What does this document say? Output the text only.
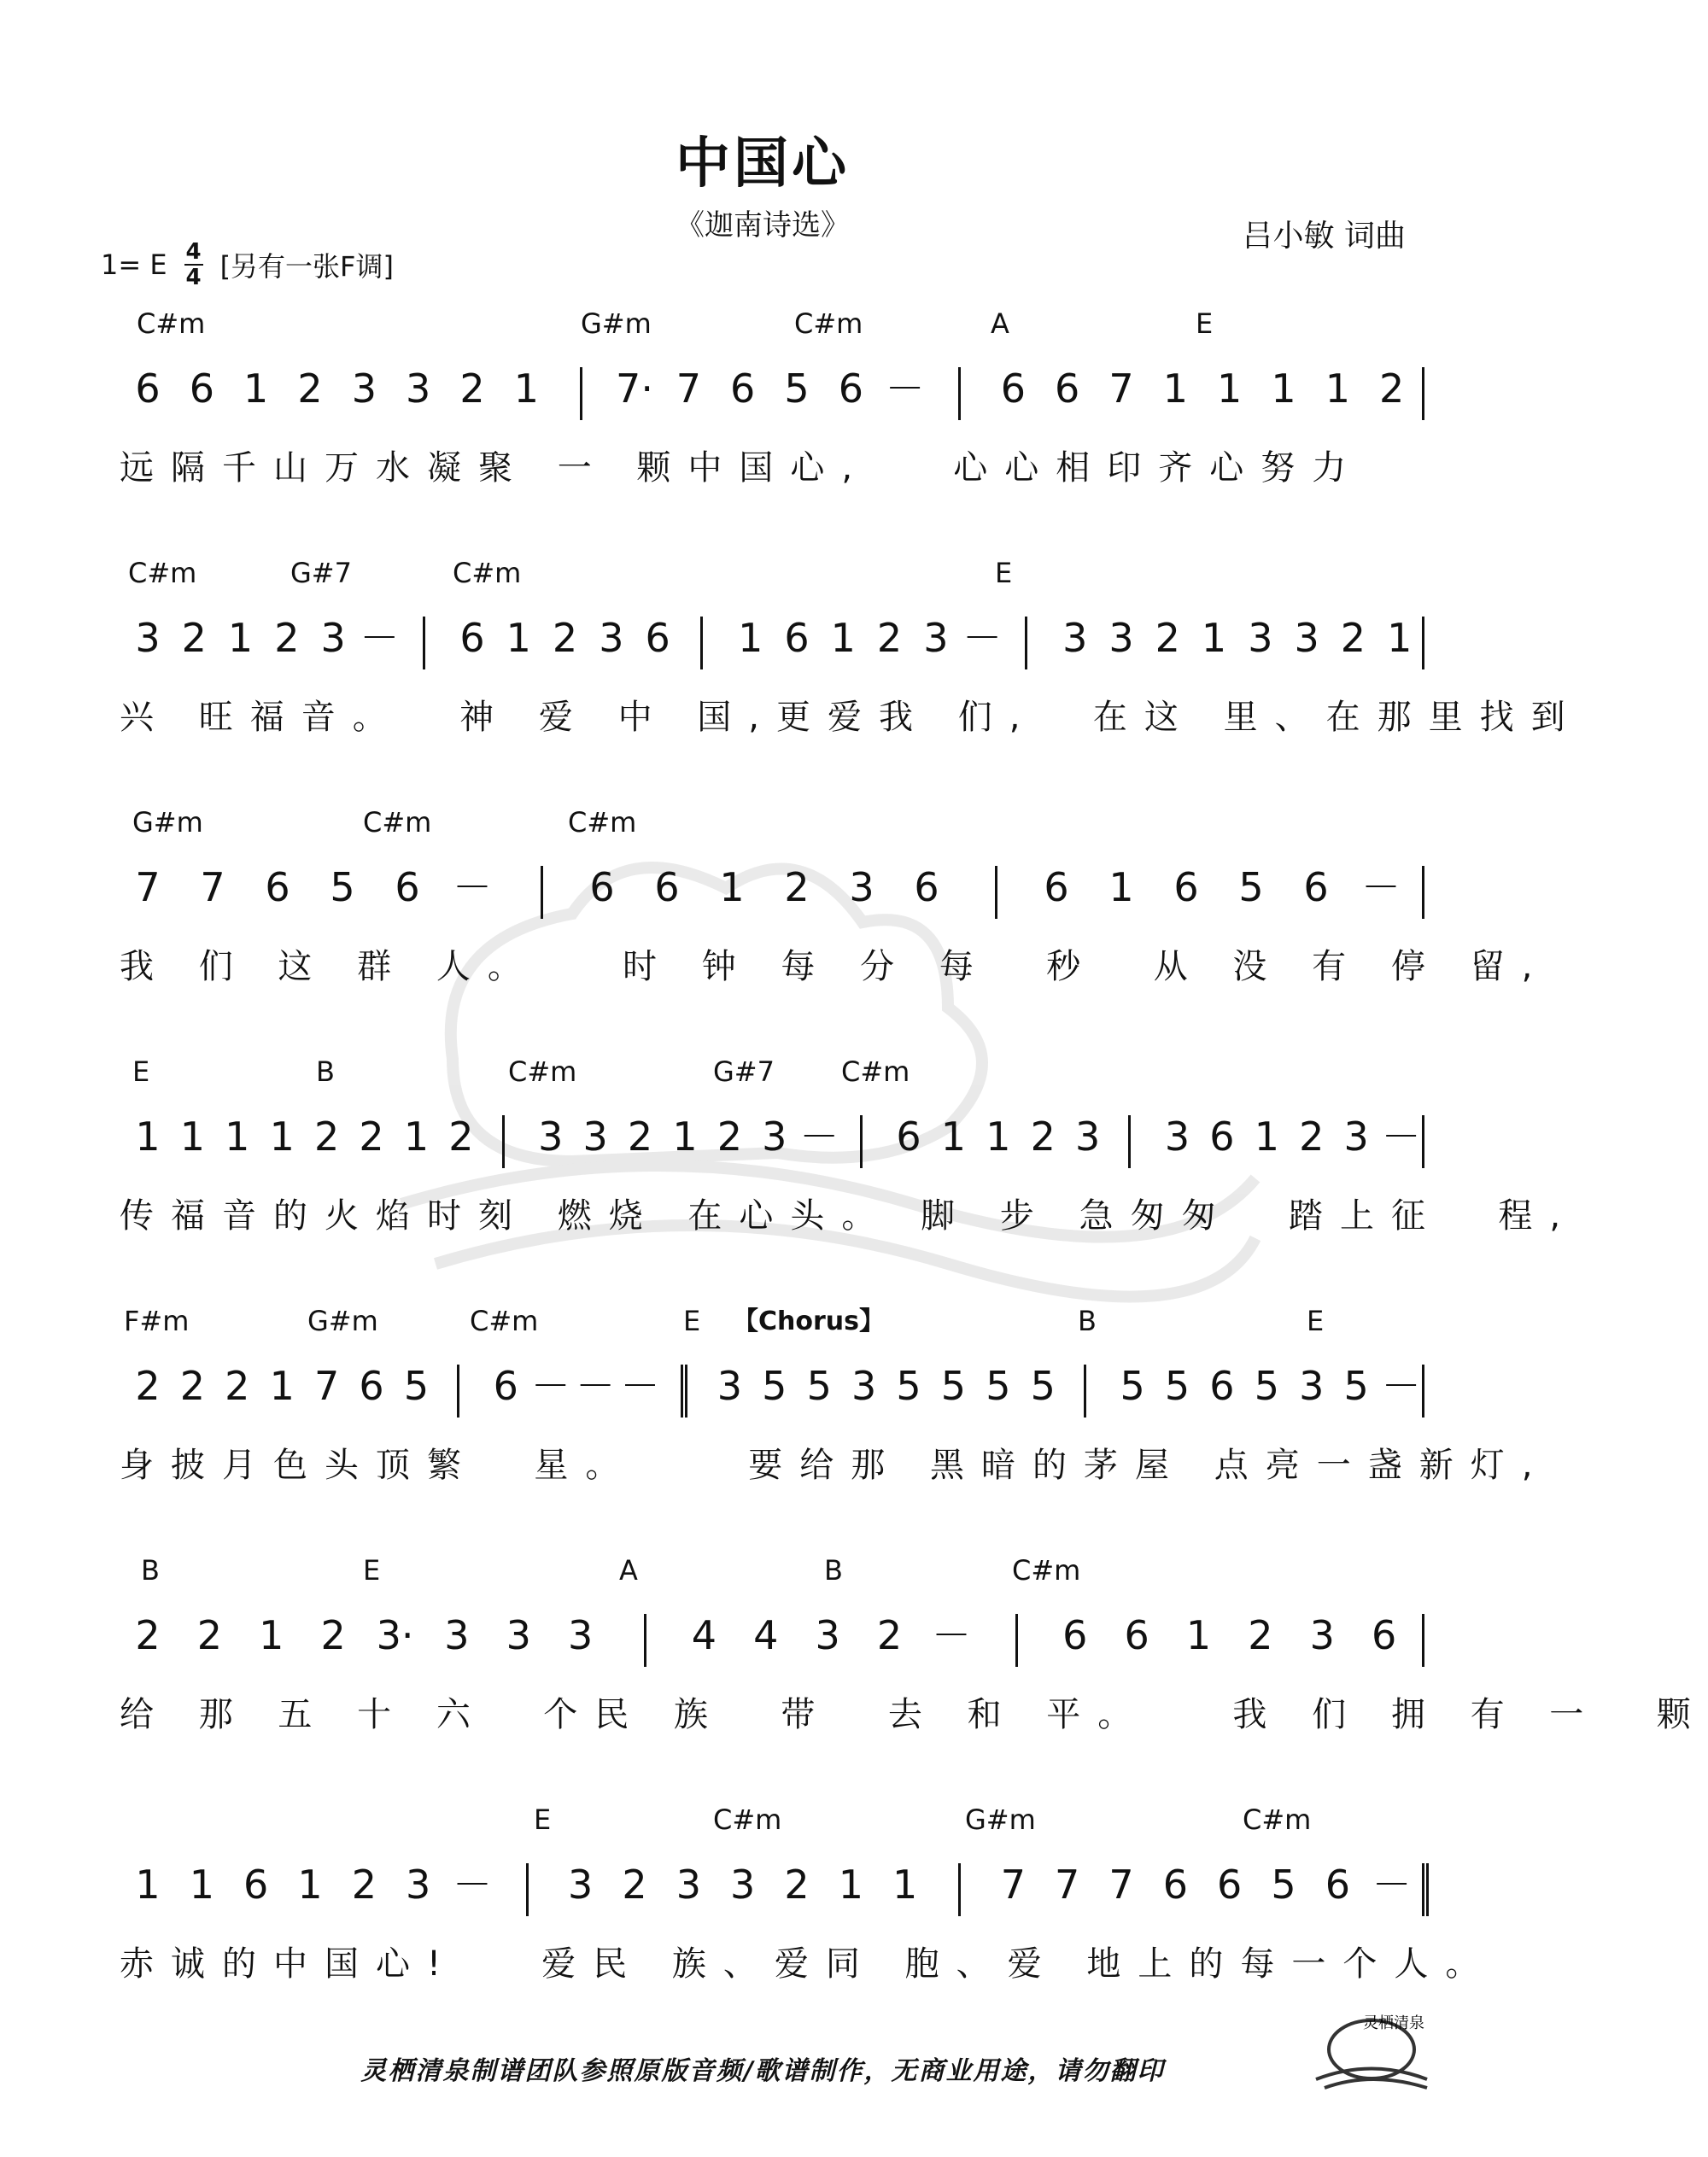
中国心
《迦南诗选》	吕小敏 词曲
1= E 4
4 [另有一张F调]
C#m	G#m	C#m	A	E
6 6 1 2 3 3 2 1 7· 7 6 5 6 － 6 6 7 1 1 1 1 2
远隔千山万水凝聚 一 颗中国心,   心心相印齐心努力
C#m	G#7	C#m	E
3 2 1 2 3 － 6 1 2 3 6 1 6 1 2 3 － 3 3 2 1 3 3 2 1
兴 旺福音。  神 爱 中 国,更爱我 们,  在这 里、在那里找到
G#m	C#m	C#m
7 7 6 5 6 － 6 6 1 2 3 6	6 1 6 5 6 －
我 们 这 群 人。   时 钟 每 分 每  秒  从 没 有 停 留,
E	B	C#m	G#7 C#m
1 1 1 1 2 2 1 2 3 3 2 1 2 3 － 6 1 1 2 3 3 6 1 2 3 －
传福音的火焰时刻 燃烧 在心头。 脚 步 急匆匆  踏上征  程,
F#m	G#m	C#m	E	B	E
【Chorus】
2 2 2 1 7 6 5 6 － － － 3 5 5 3 5 5 5 5 5 5 6 5 3 5 －
身披月色头顶繁  星。    要给那 黑暗的茅屋 点亮一盏新灯,
B	E	A	B	C#m
2 2 1 2 3· 3 3 3	4 4 3 2 － 6 6 1 2 3 6
给 那 五 十 六  个民 族  带  去 和 平。   我 们 拥 有 一  颗
E	C#m	G#m	C#m
1 1 6 1 2 3 － 3 2 3 3 2 1 1 7 7 7 6 6 5 6 －
赤诚的中国心!   爱民 族、爱同 胞、爱 地上的每一个人。
灵栖清泉制谱团队参照原版音频/歌谱制作，无商业用途，请勿翻印
灵栖清泉
